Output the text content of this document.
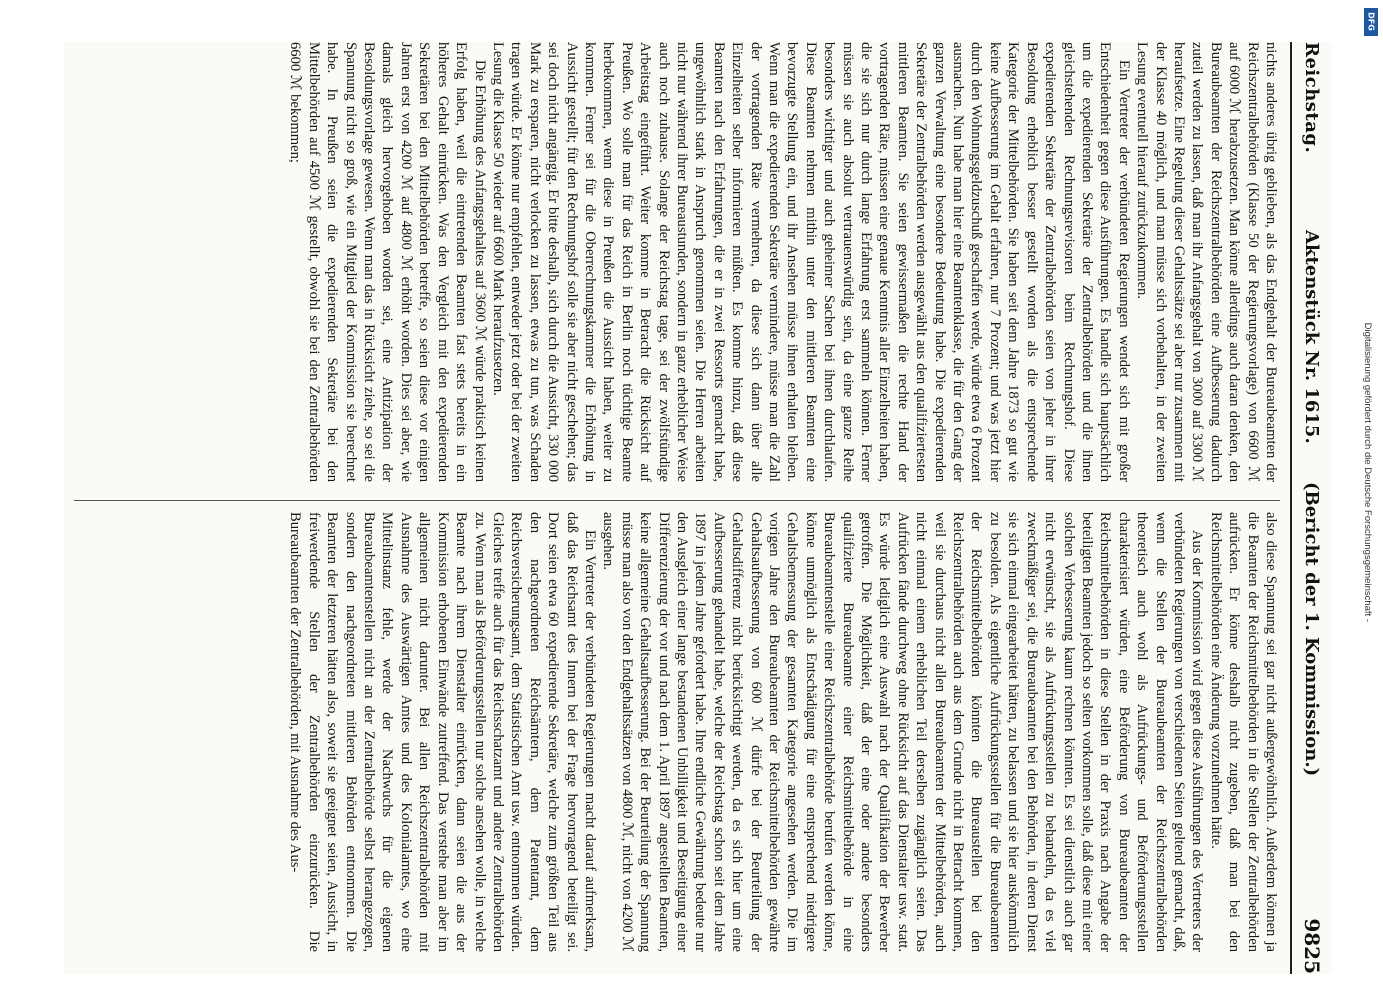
Reichstag.
Aktenstück Nr. 1615.
(Bericht der 1. Kommission.)
9825

nichts anderes übrig geblieben, als das Endgehalt der Bureaubeamten der Reichszentralbehörden (Klasse 50 der Regierungsvorlage) von 6600 ℳ auf 6000 ℳ herabzusetzen. Man könne allerdings auch daran denken, den Bureaubeamten der Reichszentralbehörden eine Aufbesserung dadurch zuteil werden zu lassen, daß man ihr Anfangsgehalt von 3000 auf 3300 ℳ heraufsetze. Eine Regelung dieser Gehaltssätze sei aber nur zusammen mit der Klasse 40 möglich, und man müsse sich vorbehalten, in der zweiten Lesung eventuell hierauf zurückzukommen.

Ein Vertreter der verbündeten Regierungen wendet sich mit großer Entschiedenheit gegen diese Ausführungen. Es handle sich hauptsächlich um die expedierenden Sekretäre der Zentralbehörden und die ihnen gleichstehenden Rechnungsrevisoren beim Rechnungshof. Diese expedierenden Sekretäre der Zentralbehörden seien von jeher in ihrer Besoldung erheblich besser gestellt worden als die entsprechende Kategorie der Mittelbehörden. Sie haben seit dem Jahre 1873 so gut wie keine Aufbesserung im Gehalt erfahren, nur 7 Prozent; und was jetzt hier durch den Wohnungsgeldzuschuß geschaffen werde, würde etwa 6 Prozent ausmachen. Nun habe man hier eine Beamtenklasse, die für den Gang der ganzen Verwaltung eine besondere Bedeutung habe. Die expedierenden Sekretäre der Zentralbehörden werden ausgewählt aus den qualifiziertesten mittleren Beamten. Sie seien gewissermaßen die rechte Hand der vortragenden Räte, müssen eine genaue Kenntnis aller Einzelheiten haben, die sie sich nur durch lange Erfahrung erst sammeln können. Ferner müssen sie auch absolut vertrauenswürdig sein, da eine ganze Reihe besonders wichtiger und auch geheimer Sachen bei ihnen durchlaufen. Diese Beamten nehmen mithin unter den mittleren Beamten eine bevorzugte Stellung ein, und ihr Ansehen müsse ihnen erhalten bleiben. Wenn man die expedierenden Sekretäre vermindere, müsse man die Zahl der vortragenden Räte vermehren, da diese sich dann über alle Einzelheiten selber informieren müßten. Es komme hinzu, daß diese Beamten nach den Erfahrungen, die er in zwei Ressorts gemacht habe, ungewöhnlich stark in Anspruch genommen seien. Die Herren arbeiten nicht nur während ihrer Bureaustunden, sondern in ganz erheblicher Weise auch noch zuhause. Solange der Reichstag tage, sei der zwölfstündige Arbeitstag eingeführt. Weiter komme in Betracht die Rücksicht auf Preußen. Wo solle man für das Reich in Berlin noch tüchtige Beamte herbekommen, wenn diese in Preußen die Aussicht haben, weiter zu kommen. Ferner sei für die Oberrechnungskammer die Erhöhung in Aussicht gestellt; für den Rechnungshof solle sie aber nicht geschehen; das sei doch nicht angängig. Er bitte deshalb, sich durch die Aussicht, 330 000 Mark zu ersparen, nicht verlocken zu lassen, etwas zu tun, was Schaden tragen würde. Er könne nur empfehlen, entweder jetzt oder bei der zweiten Lesung die Klasse 50 wieder auf 6600 Mark heraufzusetzen.

Die Erhöhung des Anfangsgehaltes auf 3600 ℳ würde praktisch keinen Erfolg haben, weil die eintretenden Beamten fast stets bereits in ein höheres Gehalt einrücken. Was den Vergleich mit den expedierenden Sekretären bei den Mittelbehörden betreffe, so seien diese vor einigen Jahren erst von 4200 ℳ auf 4800 ℳ erhöht worden. Dies sei aber, wie damals gleich hervorgehoben worden sei, eine Antizipation der Besoldungsvorlage gewesen. Wenn man das in Rücksicht ziehe, so sei die Spannung nicht so groß, wie ein Mitglied der Kommission sie berechnet habe. In Preußen seien die expedierenden Sekretäre bei den Mittelbehörden auf 4500 ℳ gestellt, obwohl sie bei den Zentralbehörden 6600 ℳ bekommen;

also diese Spannung sei gar nicht außergewöhnlich. Außerdem können ja die Beamten der Reichsmittelbehörden in die Stellen der Zentralbehörden aufrücken. Er könne deshalb nicht zugeben, daß man bei den Reichsmittelbehörden eine Änderung vorzunehmen hätte.

Aus der Kommission wird gegen diese Ausführungen des Vertreters der verbündeten Regierungen von verschiedenen Seiten geltend gemacht, daß, wenn die Stellen der Bureaubeamten der Reichszentralbehörden theoretisch auch wohl als Aufrückungs- und Beförderungsstellen charakterisiert würden, eine Beförderung von Bureaubeamten der Reichsmittelbehörden in diese Stellen in der Praxis nach Angabe der beteiligten Beamten jedoch so selten vorkommen solle, daß diese mit einer solchen Verbesserung kaum rechnen könnten. Es sei dienstlich auch gar nicht erwünscht, sie als Aufrückungsstellen zu behandeln, da es viel zweckmäßiger sei, die Bureaubeamten bei den Behörden, in deren Dienst sie sich einmal eingearbeitet hätten, zu belassen und sie hier auskömmlich zu besolden. Als eigentliche Aufrückungsstellen für die Bureaubeamten der Reichsmittelbehörden könnten die Bureaustellen bei den Reichszentralbehörden auch aus dem Grunde nicht in Betracht kommen, weil sie durchaus nicht allen Bureaubeamten der Mittelbehörden, auch nicht einmal einem erheblichen Teil derselben zugänglich seien. Das Aufrücken fände durchweg ohne Rücksicht auf das Dienstalter usw. statt. Es würde lediglich eine Auswahl nach der Qualifikation der Bewerber getroffen. Die Möglichkeit, daß der eine oder andere besonders qualifizierte Bureaubeamte einer Reichsmittelbehörde in eine Bureaubeamtenstelle einer Reichszentralbehörde berufen werden könne, könne unmöglich als Entschädigung für eine entsprechend niedrigere Gehaltsbemessung der gesamten Kategorie angesehen werden. Die im vorigen Jahre den Bureaubeamten der Reichsmittelbehörden gewährte Gehaltsaufbesserung von 600 ℳ dürfe bei der Beurteilung der Gehaltsdifferenz nicht berücksichtigt werden, da es sich hier um eine Aufbesserung gehandelt habe, welche der Reichstag schon seit dem Jahre 1897 in jedem Jahre gefordert habe. Ihre endliche Gewährung bedeute nur den Ausgleich einer lange bestandenen Unbilligkeit und Beseitigung einer Differenzierung der vor und nach dem 1. April 1897 angestellten Beamten, keine allgemeine Gehaltsaufbesserung. Bei der Beurteilung der Spannung müsse man also von den Endgehaltssätzen von 4800 ℳ, nicht von 4200 ℳ ausgehen.

Ein Vertreter der verbündeten Regierungen macht darauf aufmerksam, daß das Reichsamt des Innern bei der Frage hervorragend beteiligt sei. Dort seien etwa 60 expedierende Sekretäre, welche zum größten Teil aus den nachgeordneten Reichsämtern, dem Patentamt, dem Reichsversicherungsamt, dem Statistischen Amt usw. entnommen würden. Gleiches treffe auch für das Reichsschatzamt und andere Zentralbehörden zu. Wenn man als Beförderungsstellen nur solche ansehen wolle, in welche Beamte nach ihrem Dienstalter einrückten, dann seien die aus der Kommission erhobenen Einwände zutreffend. Das verstehe man aber im allgemeinen nicht darunter. Bei allen Reichszentralbehörden mit Ausnahme des Auswärtigen Amtes und des Kolonialamtes, wo eine Mittelinstanz fehle, werde der Nachwuchs für die eigenen Bureaubeamtenstellen nicht an der Zentralbehörde selbst herangezogen, sondern den nachgeordneten mittleren Behörden entnommen. Die Beamten der letzteren hätten also, soweit sie geeignet seien, Aussicht, in freiwerdende Stellen der Zentralbehörden einzurücken. Die Bureaubeamten der Zentralbehörden, mit Ausnahme des Aus-

DFG
Digitalisierung gefördert durch die Deutsche Forschungsgemeinschaft -
